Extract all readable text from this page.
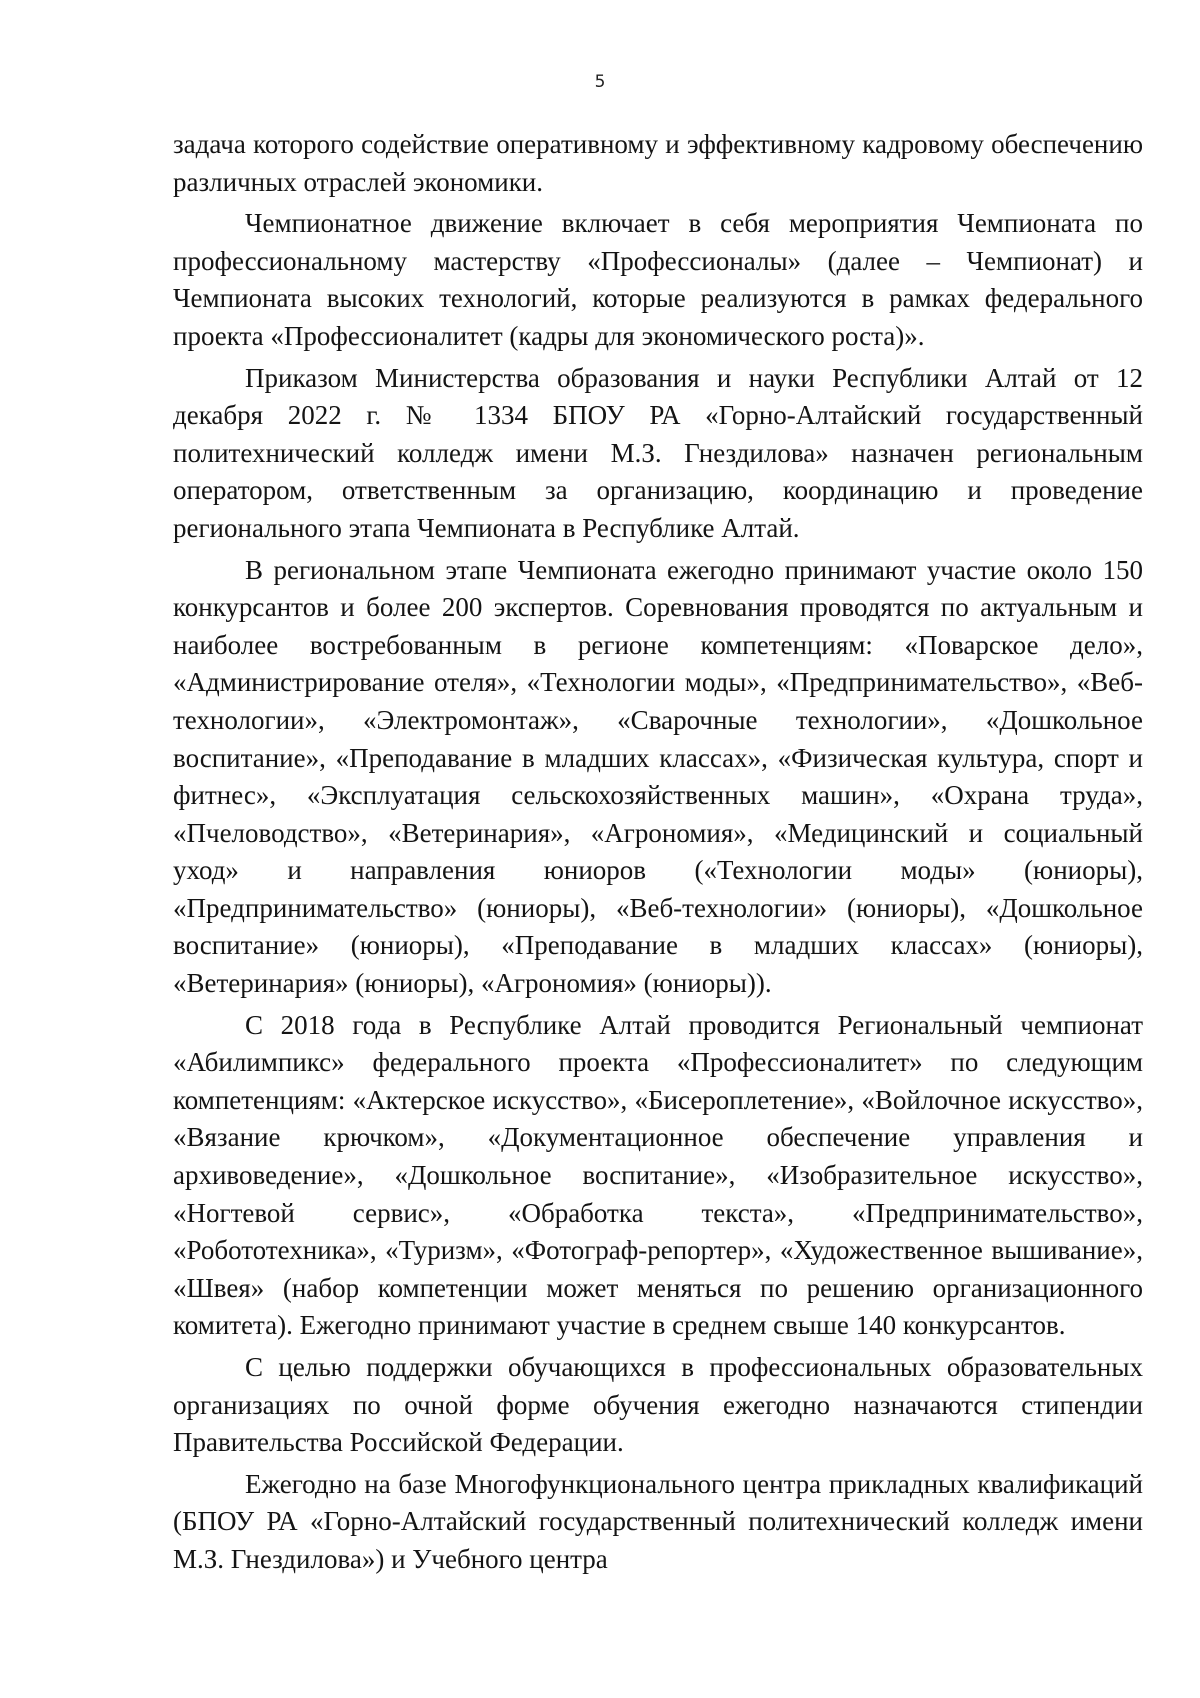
5

задача которого содействие оперативному и эффективному кадровому обеспечению различных отраслей экономики.

Чемпионатное движение включает в себя мероприятия Чемпионата по профессиональному мастерству «Профессионалы» (далее – Чемпионат) и Чемпионата высоких технологий, которые реализуются в рамках федерального проекта «Профессионалитет (кадры для экономического роста)».

Приказом Министерства образования и науки Республики Алтай от 12 декабря 2022 г. № 1334 БПОУ РА «Горно-Алтайский государственный политехнический колледж имени М.З. Гнездилова» назначен региональным оператором, ответственным за организацию, координацию и проведение регионального этапа Чемпионата в Республике Алтай.

В региональном этапе Чемпионата ежегодно принимают участие около 150 конкурсантов и более 200 экспертов. Соревнования проводятся по актуальным и наиболее востребованным в регионе компетенциям: «Поварское дело», «Администрирование отеля», «Технологии моды», «Предпринимательство», «Веб-технологии», «Электромонтаж», «Сварочные технологии», «Дошкольное воспитание», «Преподавание в младших классах», «Физическая культура, спорт и фитнес», «Эксплуатация сельскохозяйственных машин», «Охрана труда», «Пчеловодство», «Ветеринария», «Агрономия», «Медицинский и социальный уход» и направления юниоров («Технологии моды» (юниоры), «Предпринимательство» (юниоры), «Веб-технологии» (юниоры), «Дошкольное воспитание» (юниоры), «Преподавание в младших классах» (юниоры), «Ветеринария» (юниоры), «Агрономия» (юниоры)).

С 2018 года в Республике Алтай проводится Региональный чемпионат «Абилимпикс» федерального проекта «Профессионалитет» по следующим компетенциям: «Актерское искусство», «Бисероплетение», «Войлочное искусство», «Вязание крючком», «Документационное обеспечение управления и архивоведение», «Дошкольное воспитание», «Изобразительное искусство», «Ногтевой сервис», «Обработка текста», «Предпринимательство», «Робототехника», «Туризм», «Фотограф-репортер», «Художественное вышивание», «Швея» (набор компетенции может меняться по решению организационного комитета). Ежегодно принимают участие в среднем свыше 140 конкурсантов.

С целью поддержки обучающихся в профессиональных образовательных организациях по очной форме обучения ежегодно назначаются стипендии Правительства Российской Федерации.

Ежегодно на базе Многофункционального центра прикладных квалификаций (БПОУ РА «Горно-Алтайский государственный политехнический колледж имени М.З. Гнездилова») и Учебного центра
